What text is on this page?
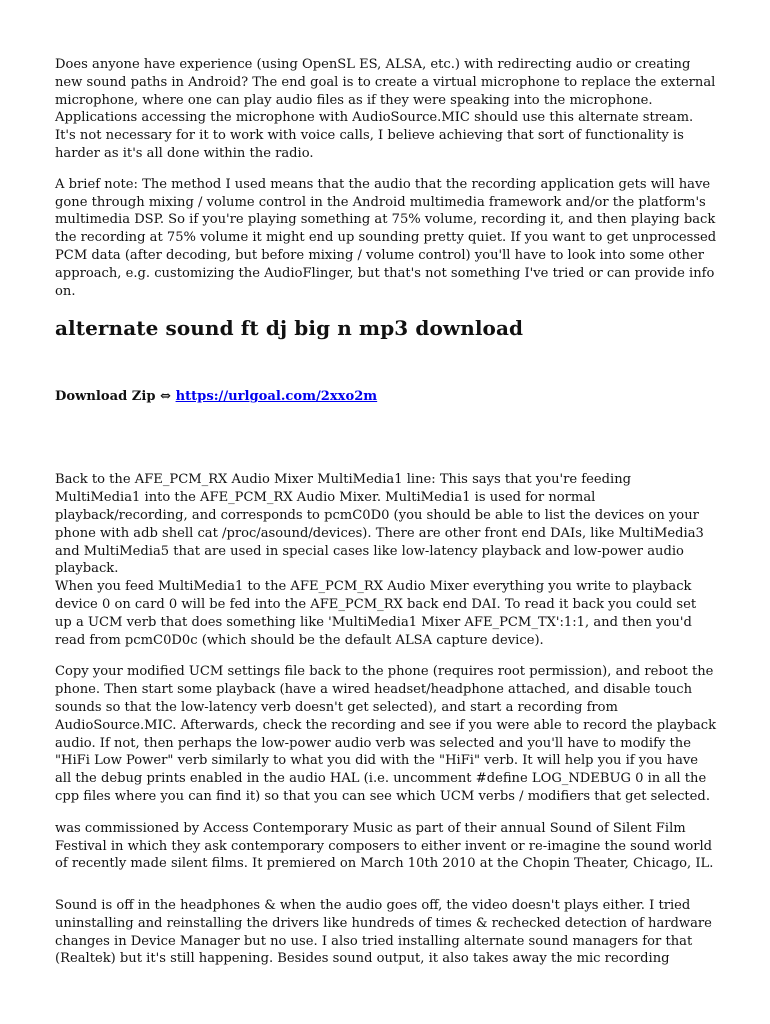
Does anyone have experience (using OpenSL ES, ALSA, etc.) with redirecting audio or creating new sound paths in Android? The end goal is to create a virtual microphone to replace the external microphone, where one can play audio files as if they were speaking into the microphone. Applications accessing the microphone with AudioSource.MIC should use this alternate stream. It's not necessary for it to work with voice calls, I believe achieving that sort of functionality is harder as it's all done within the radio.

A brief note: The method I used means that the audio that the recording application gets will have gone through mixing / volume control in the Android multimedia framework and/or the platform's multimedia DSP. So if you're playing something at 75% volume, recording it, and then playing back the recording at 75% volume it might end up sounding pretty quiet. If you want to get unprocessed PCM data (after decoding, but before mixing / volume control) you'll have to look into some other approach, e.g. customizing the AudioFlinger, but that's not something I've tried or can provide info on.

alternate sound ft dj big n mp3 download

Download Zip ⇔ https://urlgoal.com/2xxo2m

Back to the AFE_PCM_RX Audio Mixer MultiMedia1 line: This says that you're feeding MultiMedia1 into the AFE_PCM_RX Audio Mixer. MultiMedia1 is used for normal playback/recording, and corresponds to pcmC0D0 (you should be able to list the devices on your phone with adb shell cat /proc/asound/devices). There are other front end DAIs, like MultiMedia3 and MultiMedia5 that are used in special cases like low-latency playback and low-power audio playback.

When you feed MultiMedia1 to the AFE_PCM_RX Audio Mixer everything you write to playback device 0 on card 0 will be fed into the AFE_PCM_RX back end DAI. To read it back you could set up a UCM verb that does something like 'MultiMedia1 Mixer AFE_PCM_TX':1:1, and then you'd read from pcmC0D0c (which should be the default ALSA capture device).

Copy your modified UCM settings file back to the phone (requires root permission), and reboot the phone. Then start some playback (have a wired headset/headphone attached, and disable touch sounds so that the low-latency verb doesn't get selected), and start a recording from AudioSource.MIC. Afterwards, check the recording and see if you were able to record the playback audio. If not, then perhaps the low-power audio verb was selected and you'll have to modify the "HiFi Low Power" verb similarly to what you did with the "HiFi" verb. It will help you if you have all the debug prints enabled in the audio HAL (i.e. uncomment #define LOG_NDEBUG 0 in all the cpp files where you can find it) so that you can see which UCM verbs / modifiers that get selected.

was commissioned by Access Contemporary Music as part of their annual Sound of Silent Film Festival in which they ask contemporary composers to either invent or re-imagine the sound world of recently made silent films. It premiered on March 10th 2010 at the Chopin Theater, Chicago, IL.

Sound is off in the headphones & when the audio goes off, the video doesn't plays either. I tried uninstalling and reinstalling the drivers like hundreds of times & rechecked detection of hardware changes in Device Manager but no use. I also tried installing alternate sound managers for that (Realtek) but it's still happening. Besides sound output, it also takes away the mic recording
